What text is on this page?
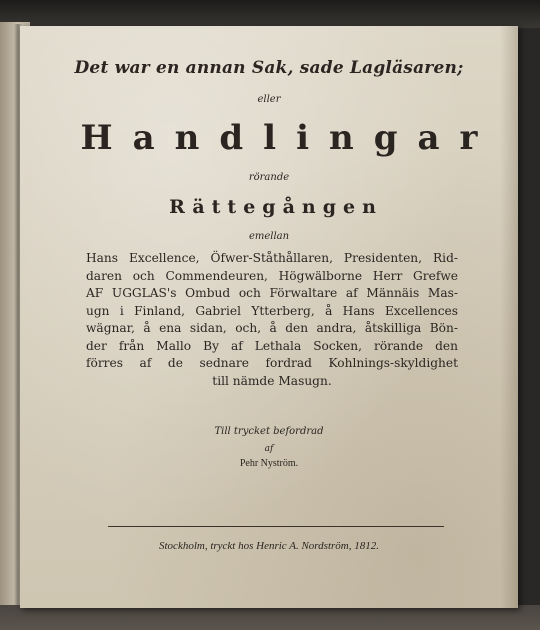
Det war en annan Sak, sade Lagläsaren;
eller
Handlingar
rörande
Rättegången
emellan
Hans Excellence, Öfwer-Ståthållaren, Presidenten, Rid-
daren och Commendeuren, Högwälborne Herr Grefwe
AF UGGLAS's Ombud och Förwaltare af Männäis Mas-
ugn i Finland, Gabriel Ytterberg, å Hans Excellences
wägnar, å ena sidan, och, å den andra, åtskilliga Bön-
der från Mallo By af Lethala Socken, rörande den
förres af de sednare fordrad Kohlnings-skyldighet
till nämde Masugn.
Till trycket befordrad
af
Pehr Nyström.
Stockholm, tryckt hos Henric A. Nordström, 1812.
